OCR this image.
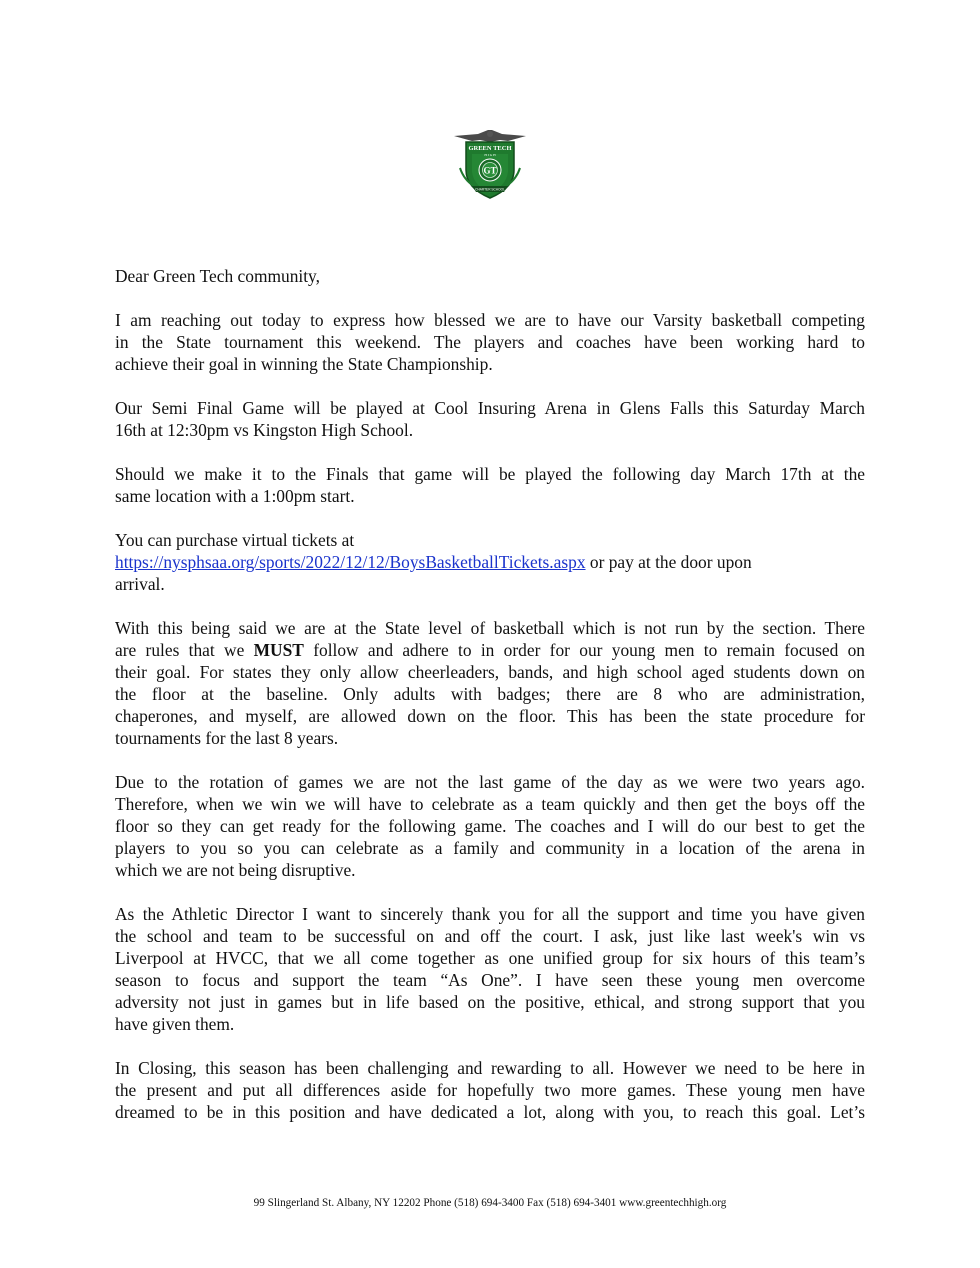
GREEN TECH
H I G H
GT
CHARTER SCHOOL
Dear Green Tech community,
I am reaching out today to express how blessed we are to have our Varsity basketball competing
in the State tournament this weekend. The players and coaches have been working hard to
achieve their goal in winning the State Championship.
Our Semi Final Game will be played at Cool Insuring Arena in Glens Falls this Saturday March
16th at 12:30pm vs Kingston High School.
Should we make it to the Finals that game will be played the following day March 17th at the
same location with a 1:00pm start.
You can purchase virtual tickets at
https://nysphsaa.org/sports/2022/12/12/BoysBasketballTickets.aspx or pay at the door upon
arrival.
With this being said we are at the State level of basketball which is not run by the section. There
are rules that we MUST follow and adhere to in order for our young men to remain focused on
their goal. For states they only allow cheerleaders, bands, and high school aged students down on
the floor at the baseline. Only adults with badges; there are 8 who are administration,
chaperones, and myself, are allowed down on the floor. This has been the state procedure for
tournaments for the last 8 years.
Due to the rotation of games we are not the last game of the day as we were two years ago.
Therefore, when we win we will have to celebrate as a team quickly and then get the boys off the
floor so they can get ready for the following game. The coaches and I will do our best to get the
players to you so you can celebrate as a family and community in a location of the arena in
which we are not being disruptive.
As the Athletic Director I want to sincerely thank you for all the support and time you have given
the school and team to be successful on and off the court. I ask, just like last week's win vs
Liverpool at HVCC, that we all come together as one unified group for six hours of this team’s
season to focus and support the team “As One”. I have seen these young men overcome
adversity not just in games but in life based on the positive, ethical, and strong support that you
have given them.
In Closing, this season has been challenging and rewarding to all. However we need to be here in
the present and put all differences aside for hopefully two more games. These young men have
dreamed to be in this position and have dedicated a lot, along with you, to reach this goal. Let’s
99 Slingerland St. Albany, NY 12202 Phone (518) 694-3400 Fax (518) 694-3401 www.greentechhigh.org
